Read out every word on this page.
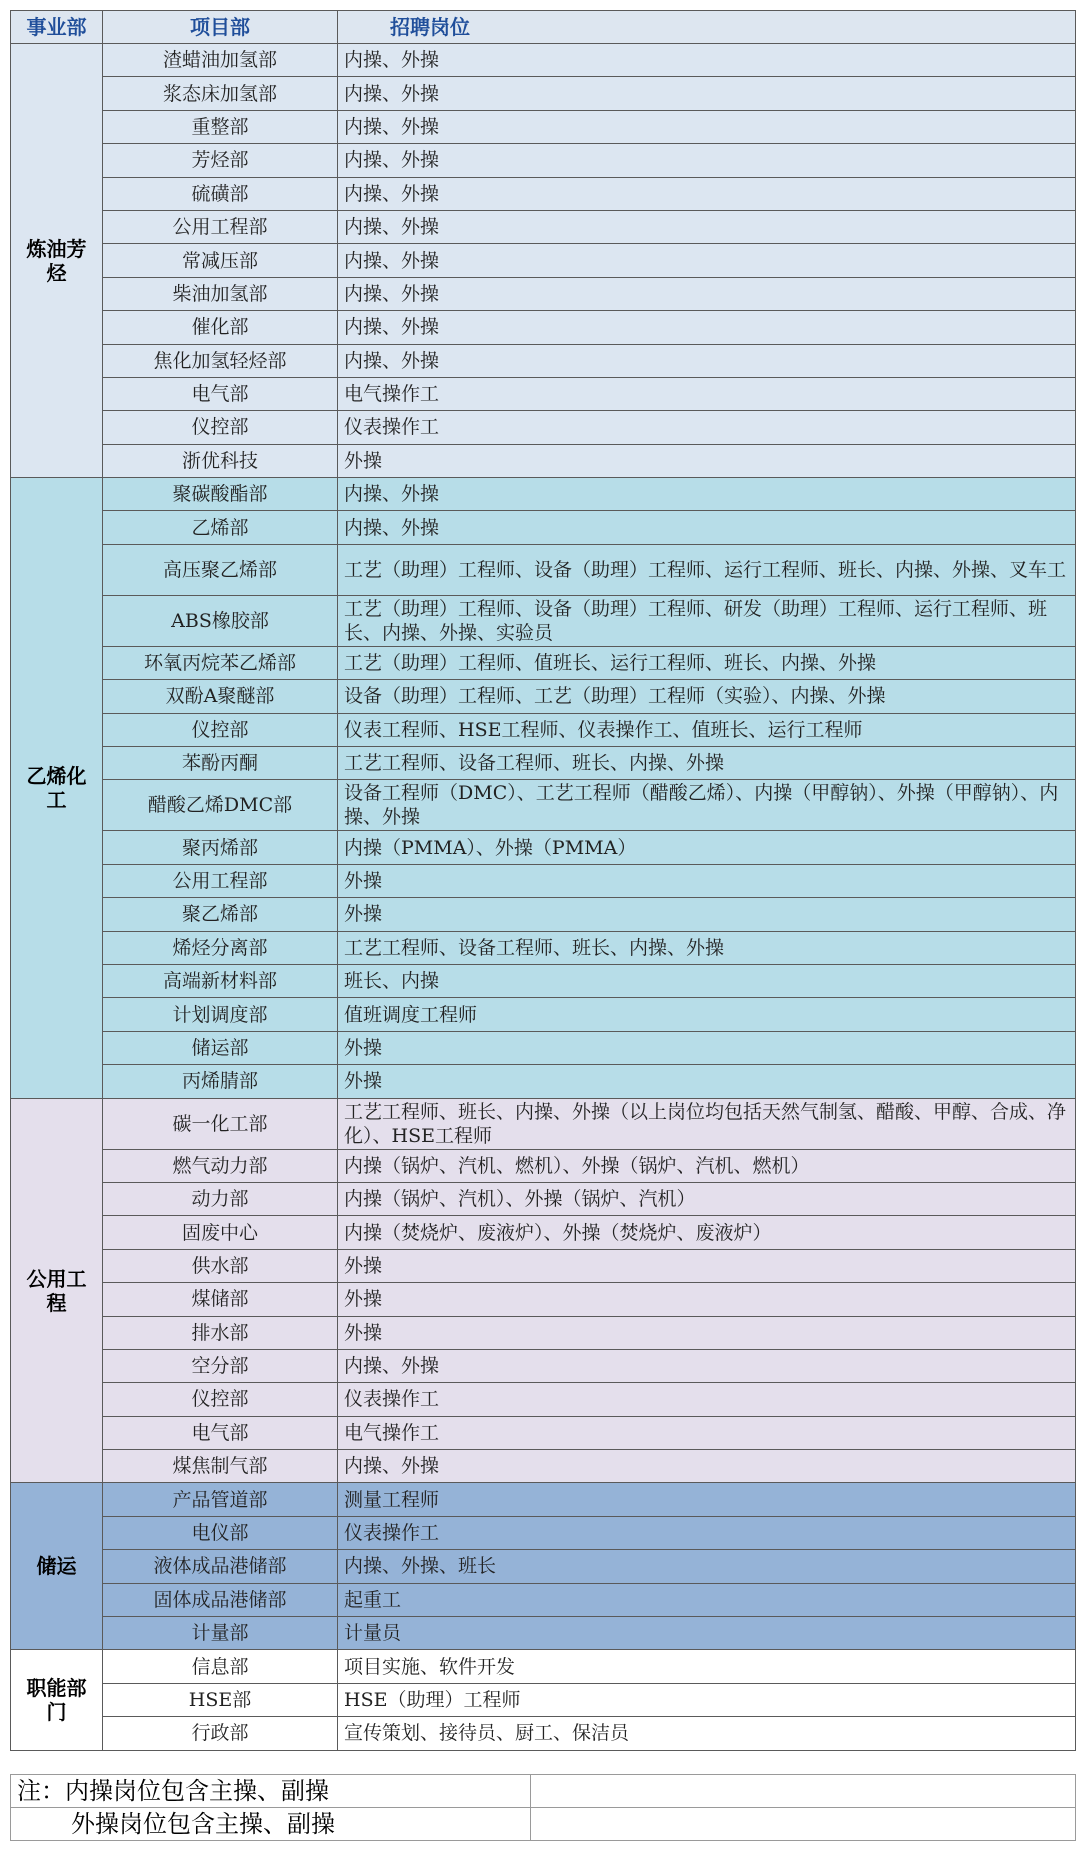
事业部	项目部	招聘岗位
炼油芳烃	渣蜡油加氢部	内操、外操
	浆态床加氢部	内操、外操
	重整部	内操、外操
	芳烃部	内操、外操
	硫磺部	内操、外操
	公用工程部	内操、外操
	常减压部	内操、外操
	柴油加氢部	内操、外操
	催化部	内操、外操
	焦化加氢轻烃部	内操、外操
	电气部	电气操作工
	仪控部	仪表操作工
	浙优科技	外操
乙烯化工	聚碳酸酯部	内操、外操
	乙烯部	内操、外操
	高压聚乙烯部	工艺（助理）工程师、设备（助理）工程师、运行工程师、班长、内操、外操、叉车工
	ABS橡胶部	工艺（助理）工程师、设备（助理）工程师、研发（助理）工程师、运行工程师、班长、内操、外操、实验员
	环氧丙烷苯乙烯部	工艺（助理）工程师、值班长、运行工程师、班长、内操、外操
	双酚A聚醚部	设备（助理）工程师、工艺（助理）工程师（实验）、内操、外操
	仪控部	仪表工程师、HSE工程师、仪表操作工、值班长、运行工程师
	苯酚丙酮	工艺工程师、设备工程师、班长、内操、外操
	醋酸乙烯DMC部	设备工程师（DMC）、工艺工程师（醋酸乙烯）、内操（甲醇钠）、外操（甲醇钠）、内操、外操
	聚丙烯部	内操（PMMA）、外操（PMMA）
	公用工程部	外操
	聚乙烯部	外操
	烯烃分离部	工艺工程师、设备工程师、班长、内操、外操
	高端新材料部	班长、内操
	计划调度部	值班调度工程师
	储运部	外操
	丙烯腈部	外操
公用工程	碳一化工部	工艺工程师、班长、内操、外操（以上岗位均包括天然气制氢、醋酸、甲醇、合成、净化）、HSE工程师
	燃气动力部	内操（锅炉、汽机、燃机）、外操（锅炉、汽机、燃机）
	动力部	内操（锅炉、汽机）、外操（锅炉、汽机）
	固废中心	内操（焚烧炉、废液炉）、外操（焚烧炉、废液炉）
	供水部	外操
	煤储部	外操
	排水部	外操
	空分部	内操、外操
	仪控部	仪表操作工
	电气部	电气操作工
	煤焦制气部	内操、外操
储运	产品管道部	测量工程师
	电仪部	仪表操作工
	液体成品港储部	内操、外操、班长
	固体成品港储部	起重工
	计量部	计量员
职能部门	信息部	项目实施、软件开发
	HSE部	HSE（助理）工程师
	行政部	宣传策划、接待员、厨工、保洁员
注：内操岗位包含主操、副操	
外操岗位包含主操、副操	
